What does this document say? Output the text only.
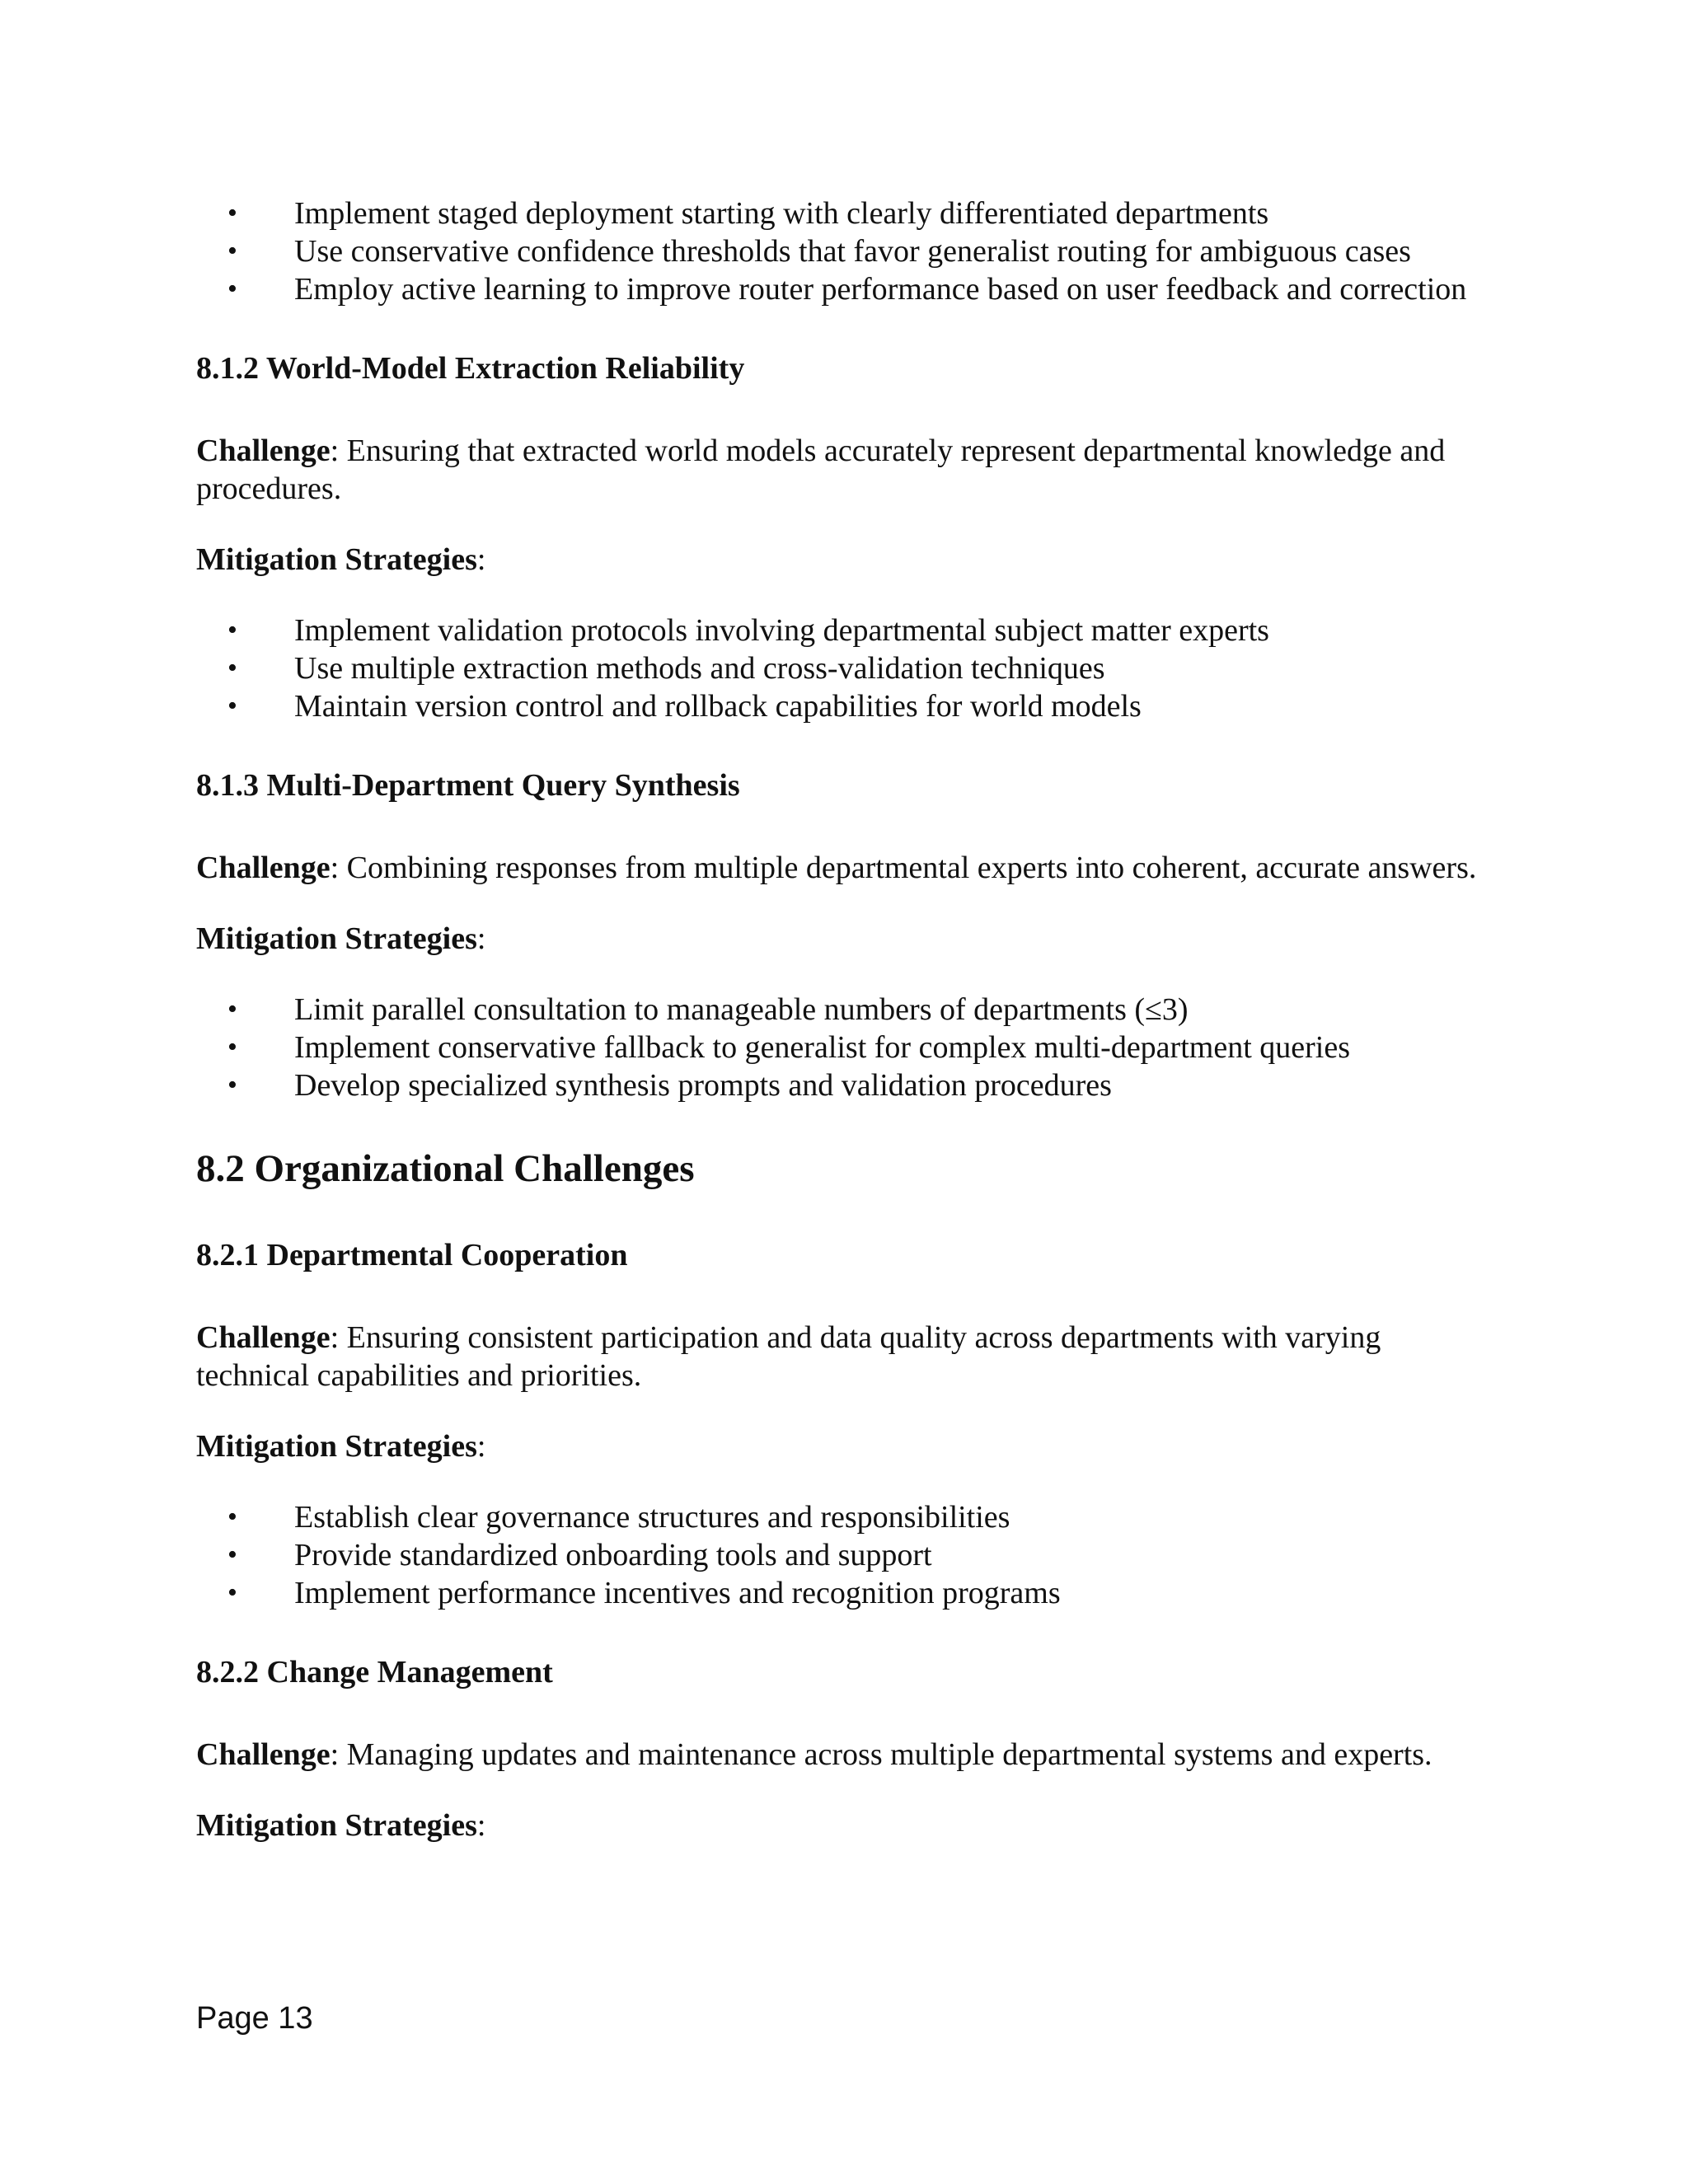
• Implement staged deployment starting with clearly differentiated departments
• Use conservative confidence thresholds that favor generalist routing for ambiguous cases
• Employ active learning to improve router performance based on user feedback and correction
8.1.2 World-Model Extraction Reliability

Challenge: Ensuring that extracted world models accurately represent departmental knowledge and procedures.

Mitigation Strategies:

• Implement validation protocols involving departmental subject matter experts
• Use multiple extraction methods and cross-validation techniques
• Maintain version control and rollback capabilities for world models
8.1.3 Multi-Department Query Synthesis

Challenge: Combining responses from multiple departmental experts into coherent, accurate answers.

Mitigation Strategies:

• Limit parallel consultation to manageable numbers of departments (≤3)
• Implement conservative fallback to generalist for complex multi-department queries
• Develop specialized synthesis prompts and validation procedures
8.2 Organizational Challenges
8.2.1 Departmental Cooperation

Challenge: Ensuring consistent participation and data quality across departments with varying technical capabilities and priorities.

Mitigation Strategies:

• Establish clear governance structures and responsibilities
• Provide standardized onboarding tools and support
• Implement performance incentives and recognition programs
8.2.2 Change Management

Challenge: Managing updates and maintenance across multiple departmental systems and experts.

Mitigation Strategies:

Page 13
